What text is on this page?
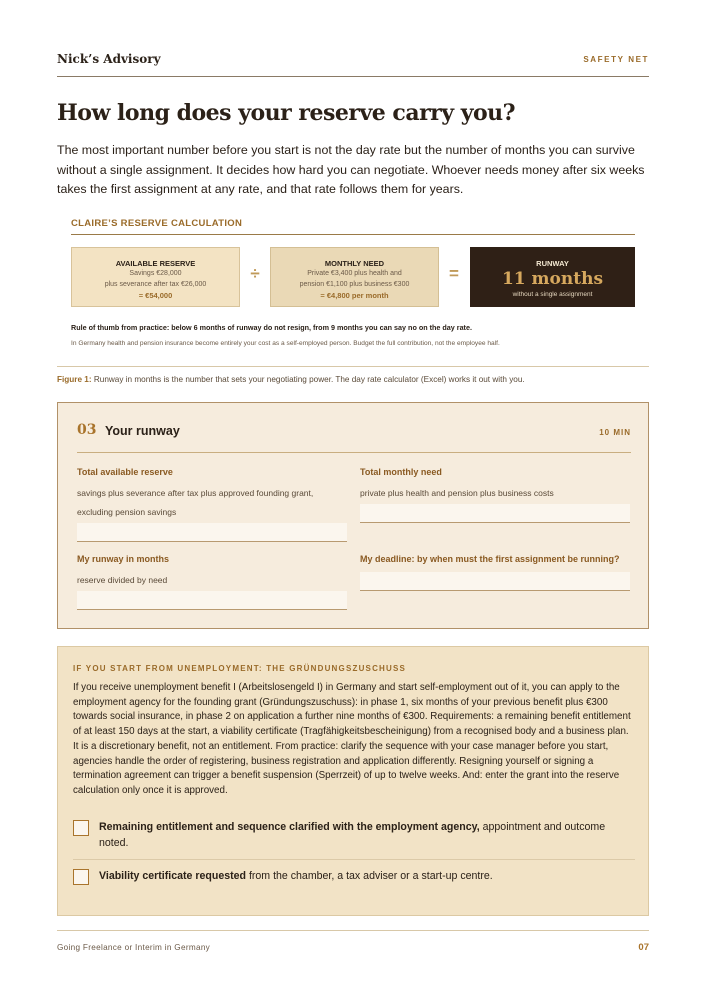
Nick’s Advisory	SAFETY NET
How long does your reserve carry you?

The most important number before you start is not the day rate but the number of months you can survive without a single assignment. It decides how hard you can negotiate. Whoever needs money after six weeks takes the first assignment at any rate, and that rate follows them for years.

CLAIRE’S RESERVE CALCULATION
AVAILABLE RESERVE
Savings €28,000
plus severance after tax €26,000
= €54,000
÷
MONTHLY NEED
Private €3,400 plus health and
pension €1,100 plus business €300
= €4,800 per month
=
RUNWAY
11 months
without a single assignment
Rule of thumb from practice: below 6 months of runway do not resign, from 9 months you can say no on the day rate.
In Germany health and pension insurance become entirely your cost as a self-employed person. Budget the full contribution, not the employee half.
Figure 1: Runway in months is the number that sets your negotiating power. The day rate calculator (Excel) works it out with you.
03 Your runway	10 MIN
Total available reserve
savings plus severance after tax plus approved founding grant, excluding pension savings
Total monthly need
private plus health and pension plus business costs
My runway in months
reserve divided by need
My deadline: by when must the first assignment be running?
IF YOU START FROM UNEMPLOYMENT: THE GRÜNDUNGSZUSCHUSS
If you receive unemployment benefit I (Arbeitslosengeld I) in Germany and start self-employment out of it, you can apply to the employment agency for the founding grant (Gründungszuschuss): in phase 1, six months of your previous benefit plus €300 towards social insurance, in phase 2 on application a further nine months of €300. Requirements: a remaining benefit entitlement of at least 150 days at the start, a viability certificate (Tragfähigkeitsbescheinigung) from a recognised body and a business plan. It is a discretionary benefit, not an entitlement. From practice: clarify the sequence with your case manager before you start, agencies handle the order of registering, business registration and application differently. Resigning yourself or signing a termination agreement can trigger a benefit suspension (Sperrzeit) of up to twelve weeks. And: enter the grant into the reserve calculation only once it is approved.
Remaining entitlement and sequence clarified with the employment agency, appointment and outcome noted.
Viability certificate requested from the chamber, a tax adviser or a start-up centre.
Going Freelance or Interim in Germany	07
